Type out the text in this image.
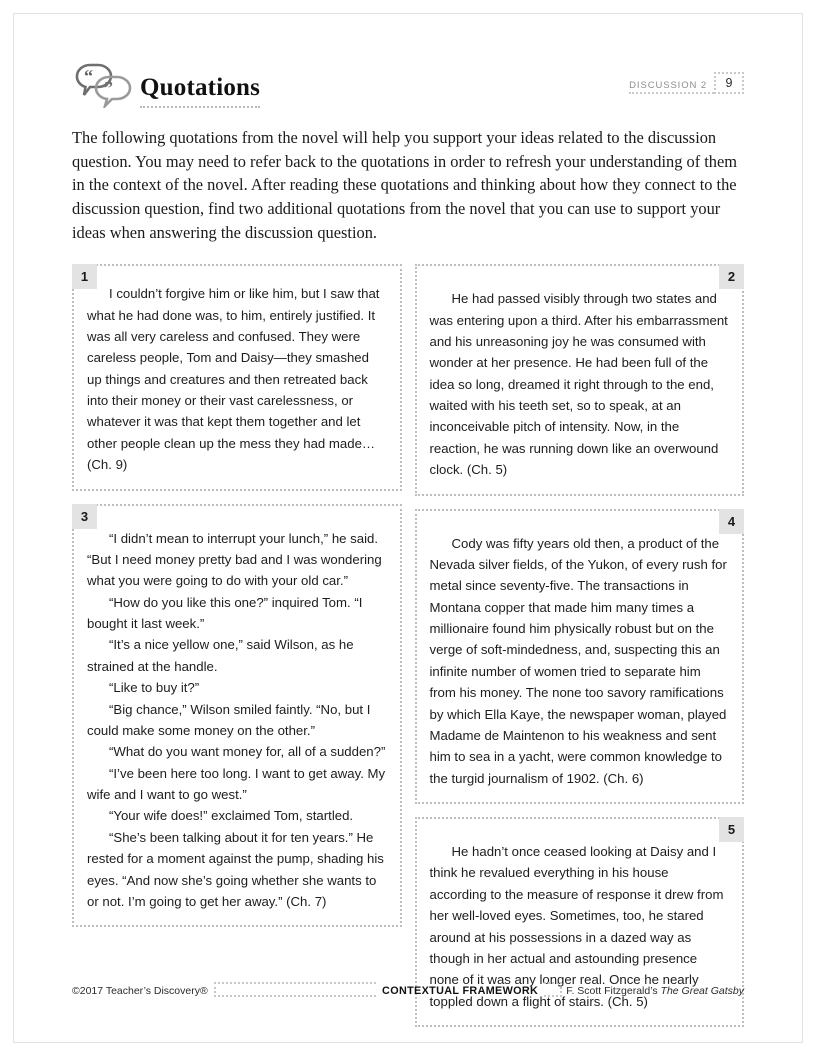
“
” Quotations	DISCUSSION 2	9

The following quotations from the novel will help you support your ideas related to the discussion question. You may need to refer back to the quotations in order to refresh your understanding of them in the context of the novel. After reading these quotations and thinking about how they connect to the discussion question, find two additional quotations from the novel that you can use to support your ideas when answering the discussion question.

1

I couldn’t forgive him or like him, but I saw that what he had done was, to him, entirely justified. It was all very careless and confused. They were careless people, Tom and Daisy—they smashed up things and creatures and then retreated back into their money or their vast carelessness, or whatever it was that kept them together and let other people clean up the mess they had made… (Ch. 9)

3

“I didn’t mean to interrupt your lunch,” he said. “But I need money pretty bad and I was wondering what you were going to do with your old car.”

“How do you like this one?” inquired Tom. “I bought it last week.”

“It’s a nice yellow one,” said Wilson, as he strained at the handle.

“Like to buy it?”

“Big chance,” Wilson smiled faintly. “No, but I could make some money on the other.”

“What do you want money for, all of a sudden?”

“I’ve been here too long. I want to get away. My wife and I want to go west.”

“Your wife does!” exclaimed Tom, startled.

“She’s been talking about it for ten years.” He rested for a moment against the pump, shading his eyes. “And now she’s going whether she wants to or not. I’m going to get her away.” (Ch. 7)

2

He had passed visibly through two states and was entering upon a third. After his embarrassment and his unreasoning joy he was consumed with wonder at her presence. He had been full of the idea so long, dreamed it right through to the end, waited with his teeth set, so to speak, at an inconceivable pitch of intensity. Now, in the reaction, he was running down like an overwound clock. (Ch. 5)

4

Cody was fifty years old then, a product of the Nevada silver fields, of the Yukon, of every rush for metal since seventy-five. The transactions in Montana copper that made him many times a millionaire found him physically robust but on the verge of soft-mindedness, and, suspecting this an infinite number of women tried to separate him from his money. The none too savory ramifications by which Ella Kaye, the newspaper woman, played Madame de Maintenon to his weakness and sent him to sea in a yacht, were common knowledge to the turgid journalism of 1902. (Ch. 6)

5

He hadn’t once ceased looking at Daisy and I think he revalued everything in his house according to the measure of response it drew from her well-loved eyes. Sometimes, too, he stared around at his possessions in a dazed way as though in her actual and astounding presence none of it was any longer real. Once he nearly toppled down a flight of stairs. (Ch. 5)

©2017 Teacher’s Discovery®	CONTEXTUAL FRAMEWORK	F. Scott Fitzgerald’s The Great Gatsby
